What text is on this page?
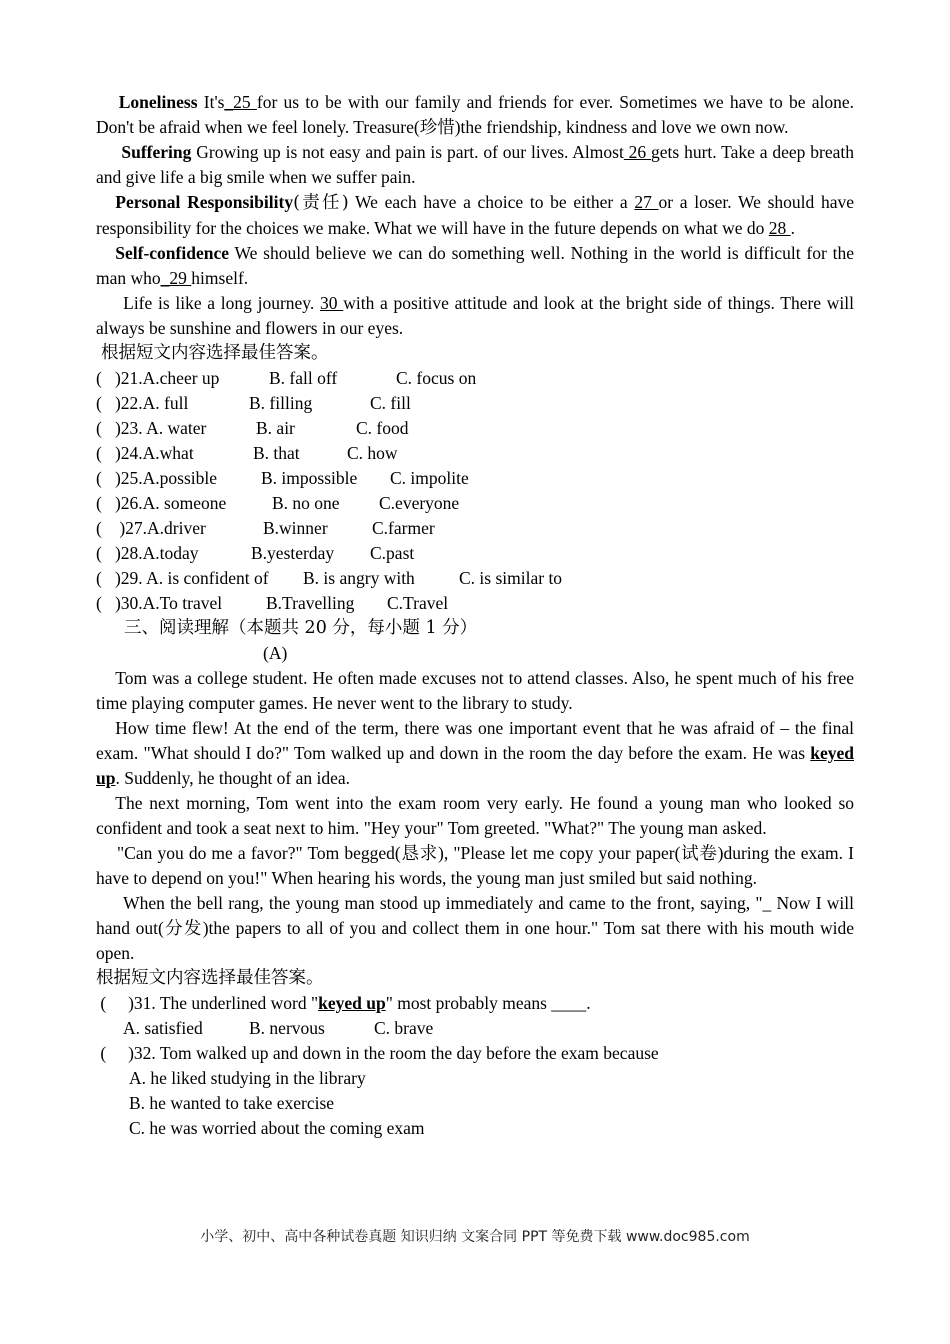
Loneliness It's_25 for us to be with our family and friends for ever. Sometimes we have to be alone. Don't be afraid when we feel lonely. Treasure(珍惜)the friendship, kindness and love we own now.

Suffering Growing up is not easy and pain is part. of our lives. Almost 26 gets hurt. Take a deep breath and give life a big smile when we suffer pain.

Personal Responsibility(责任) We each have a choice to be either a 27 or a loser. We should have responsibility for the choices we make. What we will have in the future depends on what we do 28 .

Self-confidence We should believe we can do something well. Nothing in the world is difficult for the man who_29 himself.

Life is like a long journey. 30 with a positive attitude and look at the bright side of things. There will always be sunshine and flowers in our eyes.

根据短文内容选择最佳答案。

(   )21.A.cheer up	B. fall off	C. focus on
(   )22.A. full	B. filling	C. fill
(   )23. A. water	B. air	C. food
(   )24.A.what	B. that	C. how
(   )25.A.possible	B. impossible C. impolite
(   )26.A. someone	B. no one C.everyone
(    )27.A.driver	B.winner	C.farmer
(   )28.A.today	B.yesterday C.past
(   )29. A. is confident of B. is angry with	C. is similar to
(   )30.A.To travel	B.Travelling C.Travel

三、阅读理解（本题共 20 分，每小题 1 分）

(A)

Tom was a college student. He often made excuses not to attend classes. Also, he spent much of his free time playing computer games. He never went to the library to study.

How time flew! At the end of the term, there was one important event that he was afraid of – the final exam. "What should I do?" Tom walked up and down in the room the day before the exam. He was keyed up. Suddenly, he thought of an idea.

The next morning, Tom went into the exam room very early. He found a young man who looked so confident and took a seat next to him. "Hey your" Tom greeted. "What?" The young man asked.

"Can you do me a favor?" Tom begged(恳求), "Please let me copy your paper(试卷)during the exam. I have to depend on you!" When hearing his words, the young man just smiled but said nothing.

When the bell rang, the young man stood up immediately and came to the front, saying, "_ Now I will hand out(分发)the papers to all of you and collect them in one hour." Tom sat there with his mouth wide open.

根据短文内容选择最佳答案。

(     )31. The underlined word "keyed up" most probably means ____.
A. satisfied	B. nervous	C. brave
(     )32. Tom walked up and down in the room the day before the exam because
A. he liked studying in the library
B. he wanted to take exercise
C. he was worried about the coming exam
小学、初中、高中各种试卷真题 知识归纳 文案合同 PPT 等免费下载 www.doc985.com
